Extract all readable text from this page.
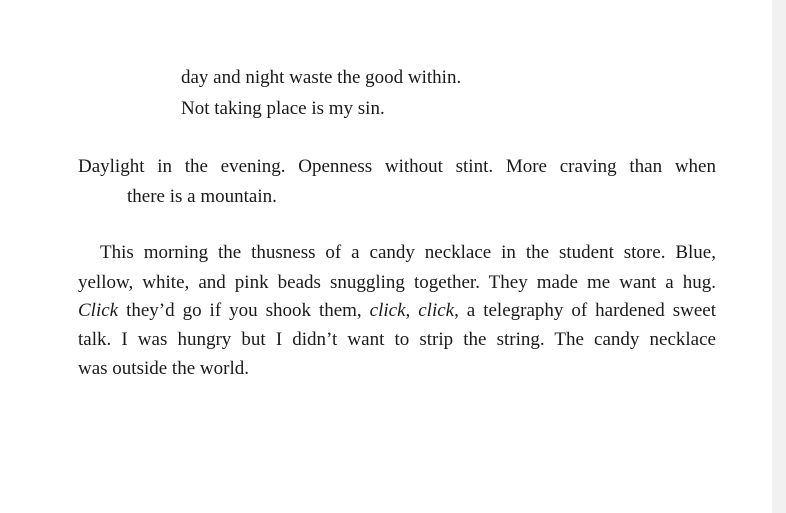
day and night waste the good within.
Not taking place is my sin.
Daylight in the evening. Openness without stint. More craving than when
there is a mountain.
This morning the thusness of a candy necklace in the student store. Blue,
yellow, white, and pink beads snuggling together. They made me want a hug.
Click they’d go if you shook them, click, click, a telegraphy of hardened sweet
talk. I was hungry but I didn’t want to strip the string. The candy necklace
was outside the world.
